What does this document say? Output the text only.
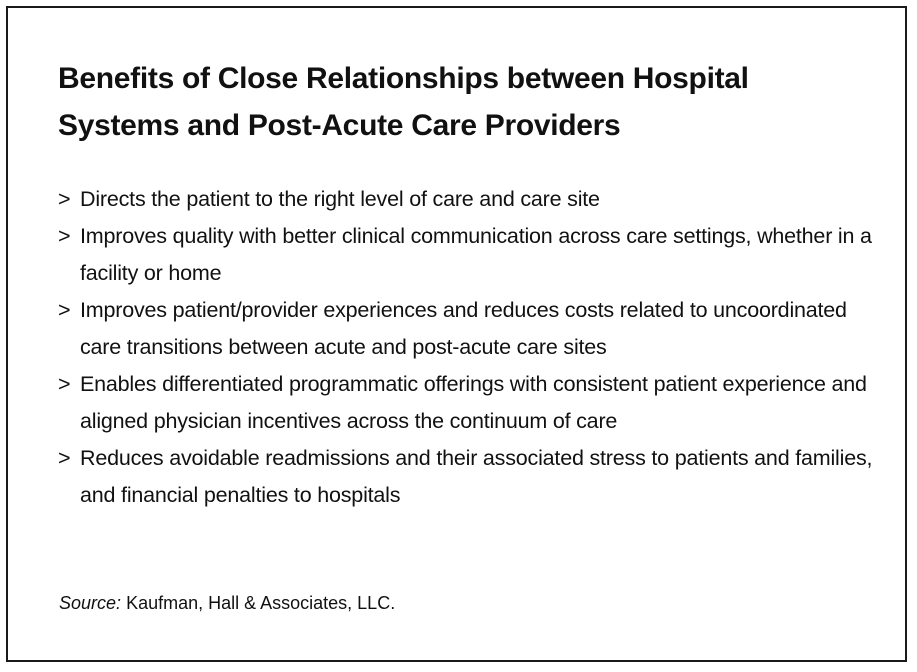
Benefits of Close Relationships between Hospital Systems and Post-Acute Care Providers
> Directs the patient to the right level of care and care site
> Improves quality with better clinical communication across care settings, whether in a facility or home
> Improves patient/provider experiences and reduces costs related to uncoordinated care transitions between acute and post-acute care sites
> Enables differentiated programmatic offerings with consistent patient experience and aligned physician incentives across the continuum of care
> Reduces avoidable readmissions and their associated stress to patients and families, and financial penalties to hospitals

Source: Kaufman, Hall & Associates, LLC.
